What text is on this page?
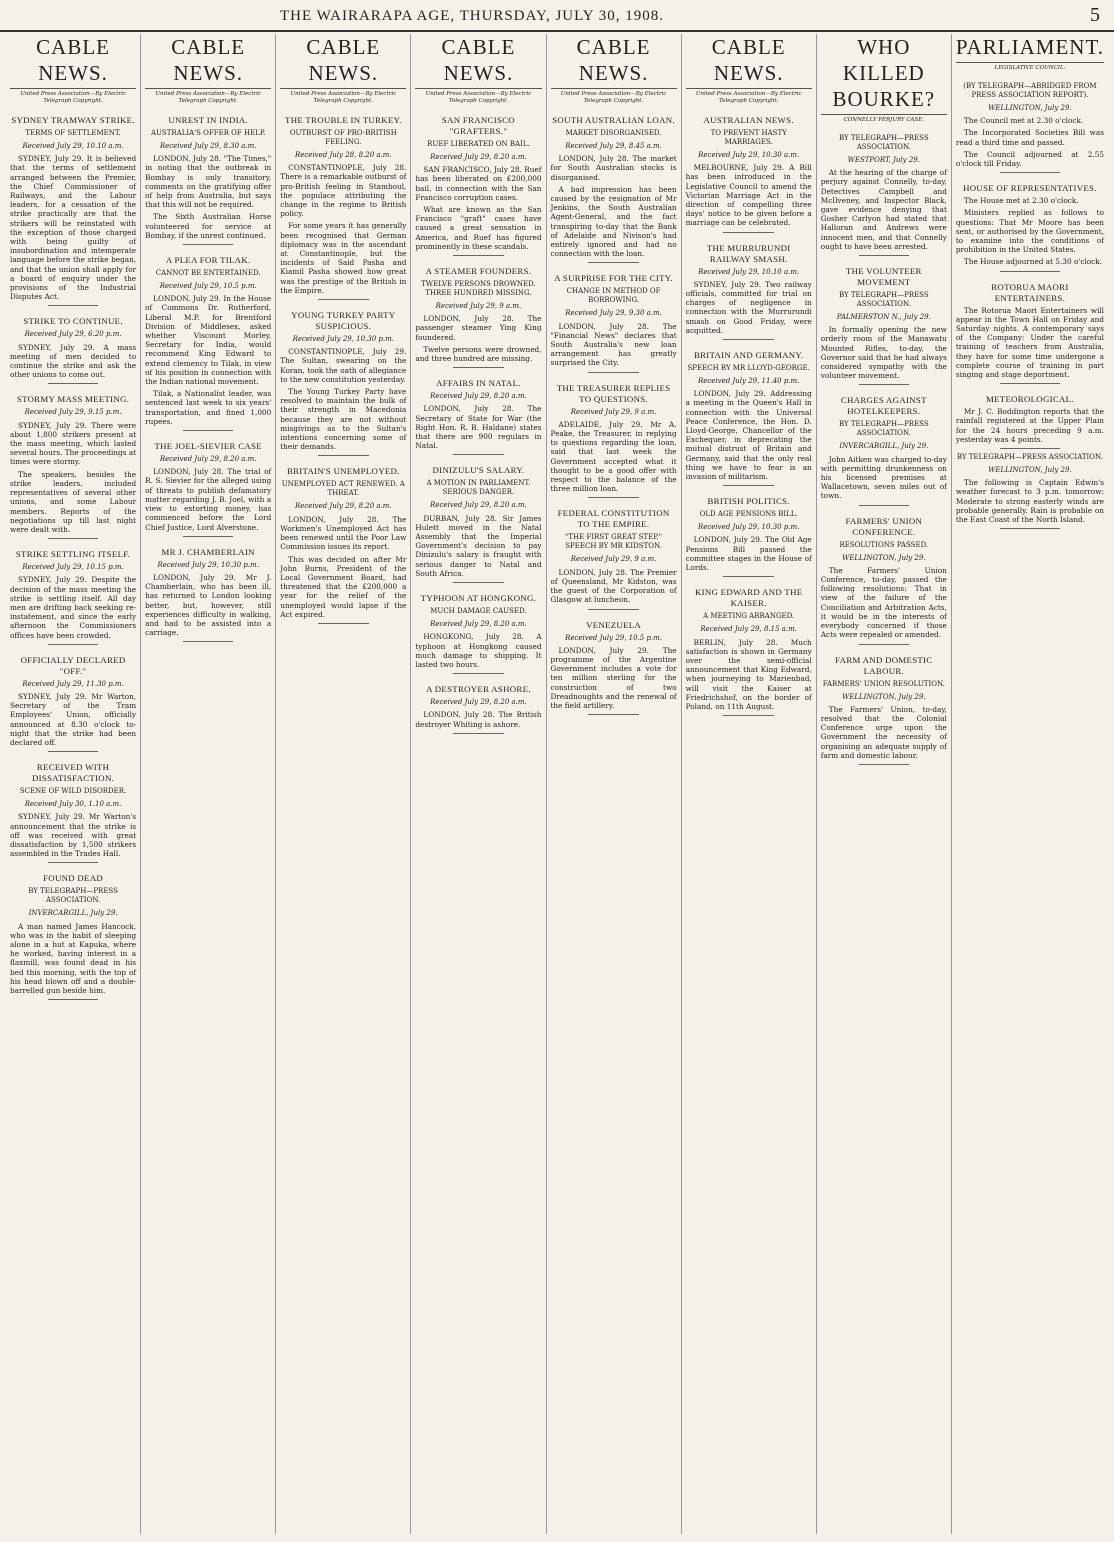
THE WAIRARAPA AGE, THURSDAY, JULY 30, 1908.	5
CABLE NEWS.
United Press Association—By Electric Telegraph Copyright.
SYDNEY TRAMWAY STRIKE.
TERMS OF SETTLEMENT.
Received July 29, 10.10 a.m.

SYDNEY, July 29. It is believed that the terms of settlement arranged between the Premier, the Chief Commissioner of Railways, and the Labour leaders, for a cessation of the strike practically are that the strikers will be reinstated with the exception of those charged with being guilty of insubordination and intemperate language before the strike began, and that the union shall apply for a board of enquiry under the provisions of the Industrial Disputes Act.

STRIKE TO CONTINUE.
Received July 29, 6.20 p.m.

SYDNEY, July 29. A mass meeting of men decided to continue the strike and ask the other unions to come out.

STORMY MASS MEETING.
Received July 29, 9.15 p.m.

SYDNEY, July 29. There were about 1,800 strikers present at the mass meeting, which lasted several hours. The proceedings at times were stormy.

The speakers, besides the strike leaders, included representatives of several other unions, and some Labour members. Reports of the negotiations up till last night were dealt with.

STRIKE SETTLING ITSELF.
Received July 29, 10.15 p.m.

SYDNEY, July 29. Despite the decision of the mass meeting the strike is settling itself. All day men are drifting back seeking re-instatement, and since the early afternoon the Commissioners offices have been crowded.

OFFICIALLY DECLARED "OFF."
Received July 29, 11.30 p.m.

SYDNEY, July 29. Mr Warton, Secretary of the Tram Employees' Union, officially announced at 8.30 o'clock to-night that the strike had been declared off.

RECEIVED WITH DISSATISFACTION.
SCENE OF WILD DISORDER.
Received July 30, 1.10 a.m.

SYDNEY, July 29. Mr Warton's announcement that the strike is off was received with great dissatisfaction by 1,500 strikers assembled in the Trades Hall.

FOUND DEAD
BY TELEGRAPH—PRESS ASSOCIATION.
INVERCARGILL, July 29.

A man named James Hancock, who was in the habit of sleeping alone in a hut at Kapuka, where he worked, having interest in a flaxmill, was found dead in his bed this morning, with the top of his head blown off and a double-barrelled gun beside him.

CABLE NEWS.
United Press Association—By Electric Telegraph Copyright.
UNREST IN INDIA.
AUSTRALIA'S OFFER OF HELP.
Received July 29, 8.30 a.m.

LONDON, July 28. "The Times," in noting that the outbreak in Bombay is only transitory, comments on the gratifying offer of help from Australia, but says that this will not be required.

The Sixth Australian Horse volunteered for service at Bombay, if the unrest continued.

A PLEA FOR TILAK.
CANNOT BE ENTERTAINED.
Received July 29, 10.5 p.m.

LONDON, July 29. In the House of Commons Dr. Rutherford, Liberal M.P. for Brentford Division of Middlesex, asked whether Viscount Morley, Secretary for India, would recommend King Edward to extend clemency to Tilak, in view of his position in connection with the Indian national movement.

Tilak, a Nationalist leader, was sentenced last week to six years' transportation, and fined 1,000 rupees.

THE JOEL-SIEVIER CASE
Received July 29, 8.20 a.m.

LONDON, July 28. The trial of R. S. Sievier for the alleged using of threats to publish defamatory matter regarding J. B. Joel, with a view to extorting money, has commenced before the Lord Chief Justice, Lord Alverstone.

MR J. CHAMBERLAIN
Received July 29, 10.30 p.m.

LONDON, July 29. Mr J. Chamberlain, who has been ill, has returned to London looking better, but, however, still experiences difficulty in walking, and had to be assisted into a carriage.

CABLE NEWS.
United Press Association—By Electric Telegraph Copyright.
THE TROUBLE IN TURKEY.
OUTBURST OF PRO-BRITISH FEELING.
Received July 28, 8.20 a.m.

CONSTANTINOPLE, July 28. There is a remarkable outburst of pro-British feeling in Stamboul, the populace attributing the change in the regime to British policy.

For some years it has generally been recognised that German diplomacy was in the ascendant at Constantinople, but the incidents of Said Pasha and Kiamil Pasha showed how great was the prestige of the British in the Empire.

YOUNG TURKEY PARTY SUSPICIOUS.
Received July 29, 10.30 p.m.

CONSTANTINOPLE, July 29. The Sultan, swearing on the Koran, took the oath of allegiance to the new constitution yesterday.

The Young Turkey Party have resolved to maintain the bulk of their strength in Macedonia because they are not without misgivings as to the Sultan's intentions concerning some of their demands.

BRITAIN'S UNEMPLOYED.
UNEMPLOYED ACT RENEWED. A THREAT.
Received July 29, 8.20 a.m.

LONDON, July 28. The Workmen's Unemployed Act has been renewed until the Poor Law Commission issues its report.

This was decided on after Mr John Burns, President of the Local Government Board, had threatened that the £200,000 a year for the relief of the unemployed would lapse if the Act expired.

CABLE NEWS.
United Press Association—By Electric Telegraph Copyright.
SAN FRANCISCO "GRAFTERS."
RUEF LIBERATED ON BAIL.
Received July 29, 8.20 a.m.

SAN FRANCISCO, July 28. Ruef has been liberated on £200,000 bail, in connection with the San Francisco corruption cases.

What are known as the San Francisco "graft" cases have caused a great sensation in America, and Ruef has figured prominently in these scandals.

A STEAMER FOUNDERS.
TWELVE PERSONS DROWNED. THREE HUNDRED MISSING.
Received July 29, 9 a.m.

LONDON, July 28. The passenger steamer Ying King foundered.

Twelve persons were drowned, and three hundred are missing.

AFFAIRS IN NATAL.
Received July 29, 8.20 a.m.

LONDON, July 28. The Secretary of State for War (the Right Hon. R. B. Haldane) states that there are 900 regulars in Natal.

DINIZULU'S SALARY.
A MOTION IN PARLIAMENT. SERIOUS DANGER.
Received July 29, 8.20 a.m.

DURBAN, July 28. Sir James Hulett moved in the Natal Assembly that the Imperial Government's decision to pay Dinizulu's salary is fraught with serious danger to Natal and South Africa.

TYPHOON AT HONGKONG.
MUCH DAMAGE CAUSED.
Received July 29, 8.20 a.m.

HONGKONG, July 28. A typhoon at Hongkong caused much damage to shipping. It lasted two hours.

A DESTROYER ASHORE.
Received July 29, 8.20 a.m.

LONDON, July 28. The British destroyer Whiting is ashore.

CABLE NEWS.
United Press Association—By Electric Telegraph Copyright.
SOUTH AUSTRALIAN LOAN.
MARKET DISORGANISED.
Received July 29, 8.45 a.m.

LONDON, July 28. The market for South Australian stocks is disorganised.

A bad impression has been caused by the resignation of Mr Jenkins, the South Australian Agent-General, and the fact transpiring to-day that the Bank of Adelaide and Nivison's had entirely ignored and had no connection with the loan.

A SURPRISE FOR THE CITY.
CHANGE IN METHOD OF BORROWING.
Received July 29, 9.30 a.m.

LONDON, July 28. The "Financial News" declares that South Australia's new loan arrangement has greatly surprised the City.

THE TREASURER REPLIES TO QUESTIONS.
Received July 29, 9 a.m.

ADELAIDE, July 29. Mr A. Peake, the Treasurer, in replying to questions regarding the loan, said that last week the Government accepted what it thought to be a good offer with respect to the balance of the three million loan.

FEDERAL CONSTITUTION TO THE EMPIRE.
"THE FIRST GREAT STEP." SPEECH BY MR KIDSTON.
Received July 29, 9 a.m.

LONDON, July 28. The Premier of Queensland, Mr Kidston, was the guest of the Corporation of Glasgow at luncheon.

VENEZUELA
Received July 29, 10.5 p.m.

LONDON, July 29. The programme of the Argentine Government includes a vote for ten million sterling for the construction of two Dreadnoughts and the renewal of the field artillery.

CABLE NEWS.
United Press Association—By Electric Telegraph Copyright.
AUSTRALIAN NEWS.
TO PREVENT HASTY MARRIAGES.
Received July 29, 10.30 a.m.

MELBOURNE, July 29. A Bill has been introduced in the Legislative Council to amend the Victorian Marriage Act in the direction of compelling three days' notice to be given before a marriage can be celebrated.

THE MURRURUNDI RAILWAY SMASH.
Received July 29, 10.10 a.m.

SYDNEY, July 29. Two railway officials, committed for trial on charges of negligence in connection with the Murrurundi smash on Good Friday, were acquitted.

BRITAIN AND GERMANY.
SPEECH BY MR LLOYD-GEORGE.
Received July 29, 11.40 p.m.

LONDON, July 29. Addressing a meeting in the Queen's Hall in connection with the Universal Peace Conference, the Hon. D. Lloyd-George, Chancellor of the Exchequer, in deprecating the mutual distrust of Britain and Germany, said that the only real thing we have to fear is an invasion of militarism.

BRITISH POLITICS.
OLD AGE PENSIONS BILL.
Received July 29, 10.30 p.m.

LONDON, July 29. The Old Age Pensions Bill passed the committee stages in the House of Lords.

KING EDWARD AND THE KAISER.
A MEETING ARRANGED.
Received July 29, 8.15 a.m.

BERLIN, July 28. Much satisfaction is shown in Germany over the semi-official announcement that King Edward, when journeying to Marienbad, will visit the Kaiser at Friedrichshof, on the border of Poland, on 11th August.

WHO KILLED BOURKE?
CONNELLY PERJURY CASE.
BY TELEGRAPH—PRESS ASSOCIATION.
WESTPORT, July 29.

At the hearing of the charge of perjury against Connelly, to-day, Detectives Campbell and McIlveney, and Inspector Black, gave evidence denying that Gosher Carlyon had stated that Halloran and Andrews were innocent men, and that Connelly ought to have been arrested.

THE VOLUNTEER MOVEMENT
BY TELEGRAPH—PRESS ASSOCIATION.
PALMERSTON N., July 29.

In formally opening the new orderly room of the Manawatu Mounted Rifles, to-day, the Governor said that he had always considered sympathy with the volunteer movement.

CHARGES AGAINST HOTELKEEPERS.
BY TELEGRAPH—PRESS ASSOCIATION.
INVERCARGILL, July 29.

John Aitken was charged to-day with permitting drunkenness on his licensed premises at Wallacetown, seven miles out of town.

FARMERS' UNION CONFERENCE.
RESOLUTIONS PASSED.
WELLINGTON, July 29.

The Farmers' Union Conference, to-day, passed the following resolutions: That in view of the failure of the Conciliation and Arbitration Acts, it would be in the interests of everybody concerned if those Acts were repealed or amended.

FARM AND DOMESTIC LABOUR.
FARMERS' UNION RESOLUTION.
WELLINGTON, July 29.

The Farmers' Union, to-day, resolved that the Colonial Conference urge upon the Government the necessity of organising an adequate supply of farm and domestic labour.

PARLIAMENT.
LEGISLATIVE COUNCIL.
(BY TELEGRAPH—ABRIDGED FROM PRESS ASSOCIATION REPORT).
WELLINGTON, July 29.

The Council met at 2.30 o'clock.

The Incorporated Societies Bill was read a third time and passed.

The Council adjourned at 2.55 o'clock till Friday.

HOUSE OF REPRESENTATIVES.

The House met at 2.30 o'clock.

Ministers replied as follows to questions: That Mr Moore has been sent, or authorised by the Government, to examine into the conditions of prohibition in the United States.

The House adjourned at 5.30 o'clock.

ROTORUA MAORI ENTERTAINERS.

The Rotorua Maori Entertainers will appear in the Town Hall on Friday and Saturday nights. A contemporary says of the Company: Under the careful training of teachers from Australia, they have for some time undergone a complete course of training in part singing and stage deportment.

METEOROLOGICAL.

Mr J. C. Boddington reports that the rainfall registered at the Upper Plain for the 24 hours preceding 9 a.m. yesterday was 4 points.

BY TELEGRAPH—PRESS ASSOCIATION.
WELLINGTON, July 29.

The following is Captain Edwin's weather forecast to 3 p.m. tomorrow: Moderate to strong easterly winds are probable generally. Rain is probable on the East Coast of the North Island.
